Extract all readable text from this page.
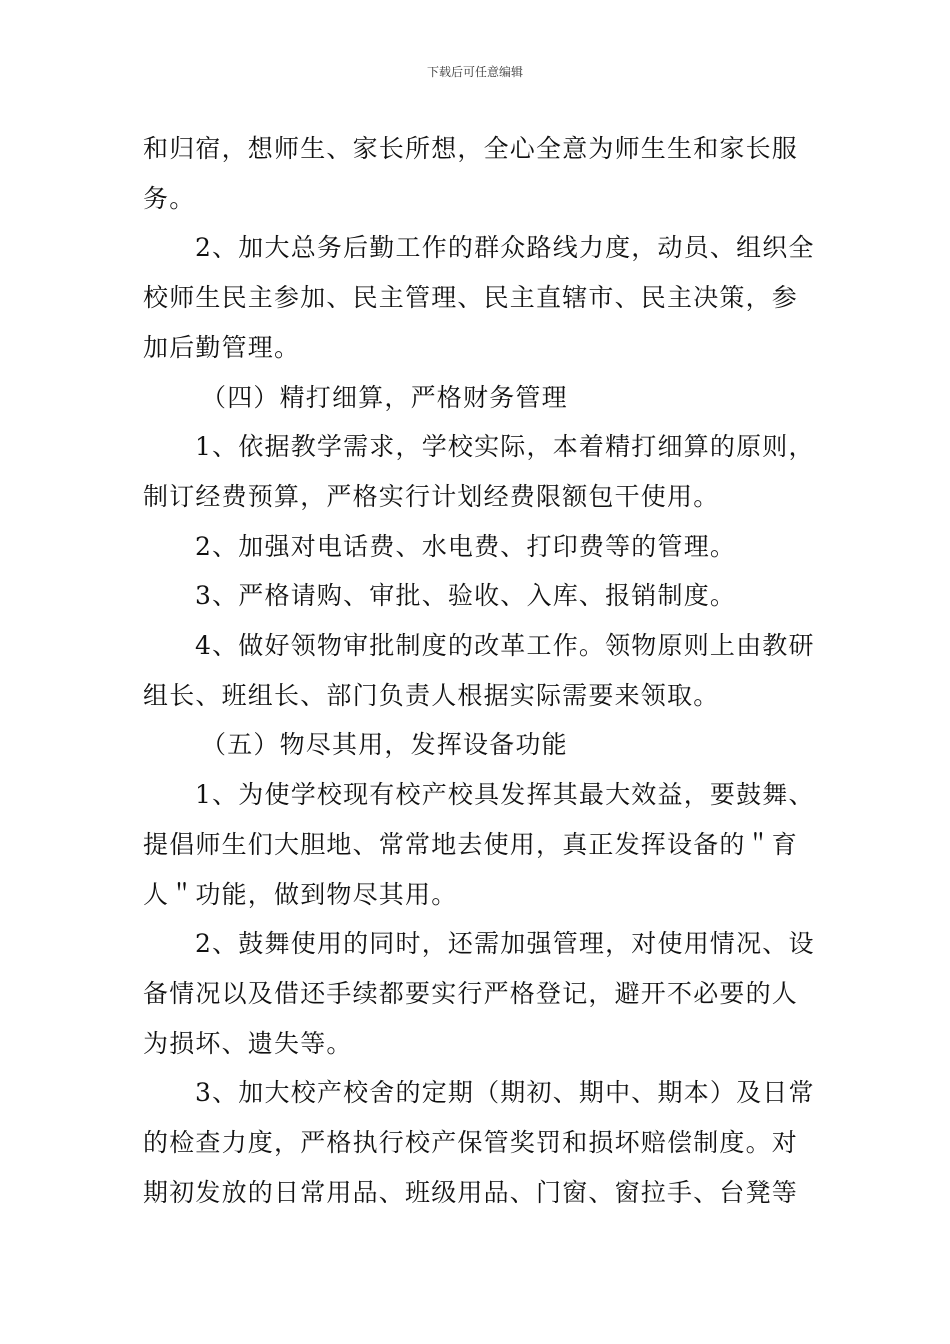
下载后可任意编辑

和归宿，想师生、家长所想，全心全意为师生生和家长服
务。

2、加大总务后勤工作的群众路线力度，动员、组织全

校师生民主参加、民主管理、民主直辖市、民主决策，参
加后勤管理。

（四）精打细算，严格财务管理

1、依据教学需求，学校实际，本着精打细算的原则，

制订经费预算，严格实行计划经费限额包干使用。

2、加强对电话费、水电费、打印费等的管理。

3、严格请购、审批、验收、入库、报销制度。

4、做好领物审批制度的改革工作。领物原则上由教研

组长、班组长、部门负责人根据实际需要来领取。

（五）物尽其用，发挥设备功能

1、为使学校现有校产校具发挥其最大效益，要鼓舞、

提倡师生们大胆地、常常地去使用，真正发挥设备的＂育
人＂功能，做到物尽其用。

2、鼓舞使用的同时，还需加强管理，对使用情况、设

备情况以及借还手续都要实行严格登记，避开不必要的人
为损坏、遗失等。

3、加大校产校舍的定期（期初、期中、期本）及日常

的检查力度，严格执行校产保管奖罚和损坏赔偿制度。对
期初发放的日常用品、班级用品、门窗、窗拉手、台凳等
